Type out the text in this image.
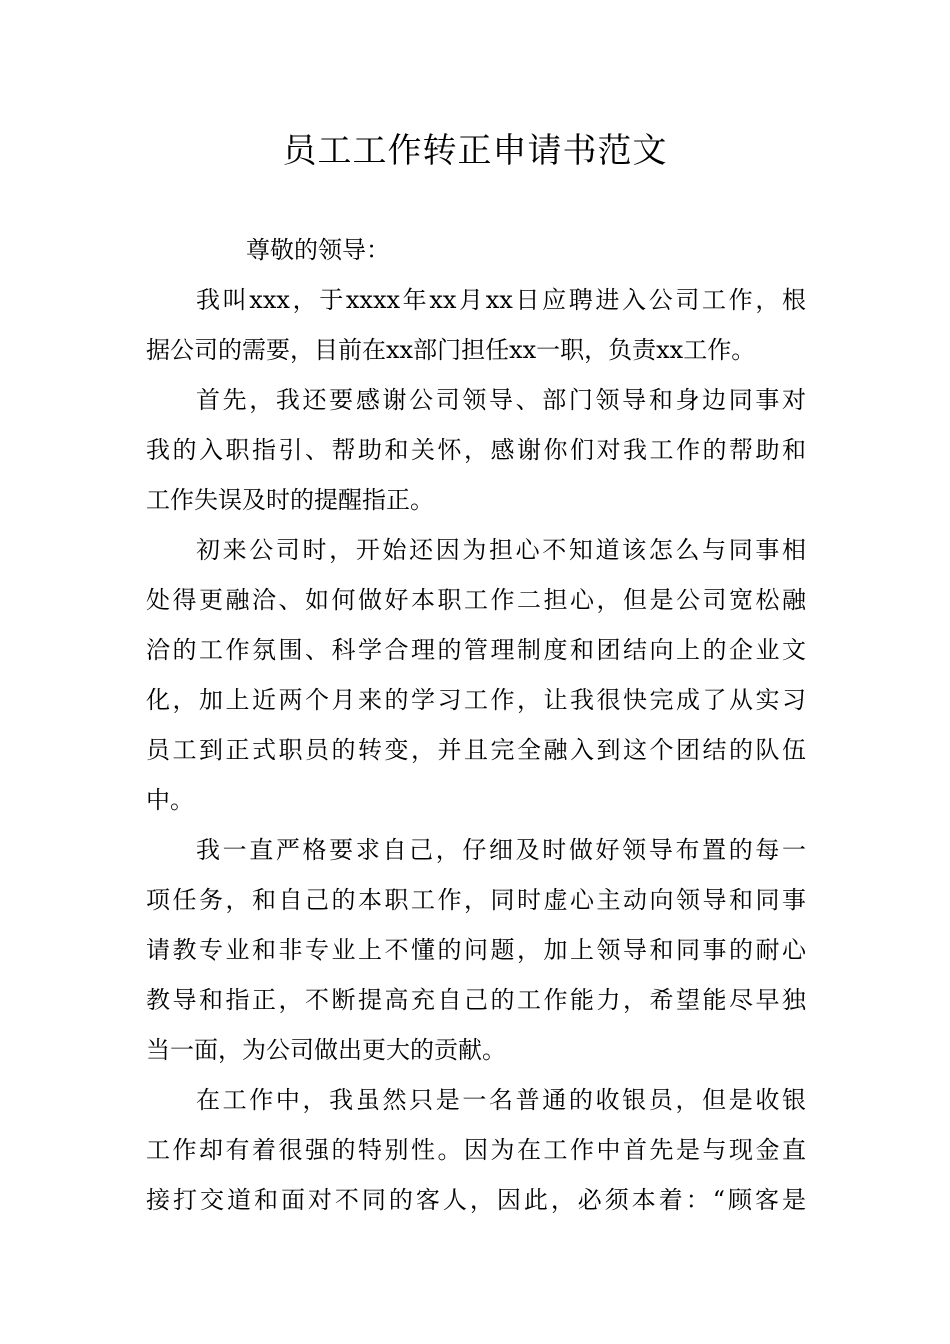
员工工作转正申请书范文
尊敬的领导：
我叫xxx，于xxxx年xx月xx日应聘进入公司工作，根
据公司的需要，目前在xx部门担任xx一职，负责xx工作。
首先，我还要感谢公司领导、部门领导和身边同事对
我的入职指引、帮助和关怀，感谢你们对我工作的帮助和
工作失误及时的提醒指正。
初来公司时，开始还因为担心不知道该怎么与同事相
处得更融洽、如何做好本职工作二担心，但是公司宽松融
洽的工作氛围、科学合理的管理制度和团结向上的企业文
化，加上近两个月来的学习工作，让我很快完成了从实习
员工到正式职员的转变，并且完全融入到这个团结的队伍
中。
我一直严格要求自己，仔细及时做好领导布置的每一
项任务，和自己的本职工作，同时虚心主动向领导和同事
请教专业和非专业上不懂的问题，加上领导和同事的耐心
教导和指正，不断提高充自己的工作能力，希望能尽早独
当一面，为公司做出更大的贡献。
在工作中，我虽然只是一名普通的收银员，但是收银
工作却有着很强的特别性。因为在工作中首先是与现金直
接打交道和面对不同的客人，因此，必须本着：“顾客是
